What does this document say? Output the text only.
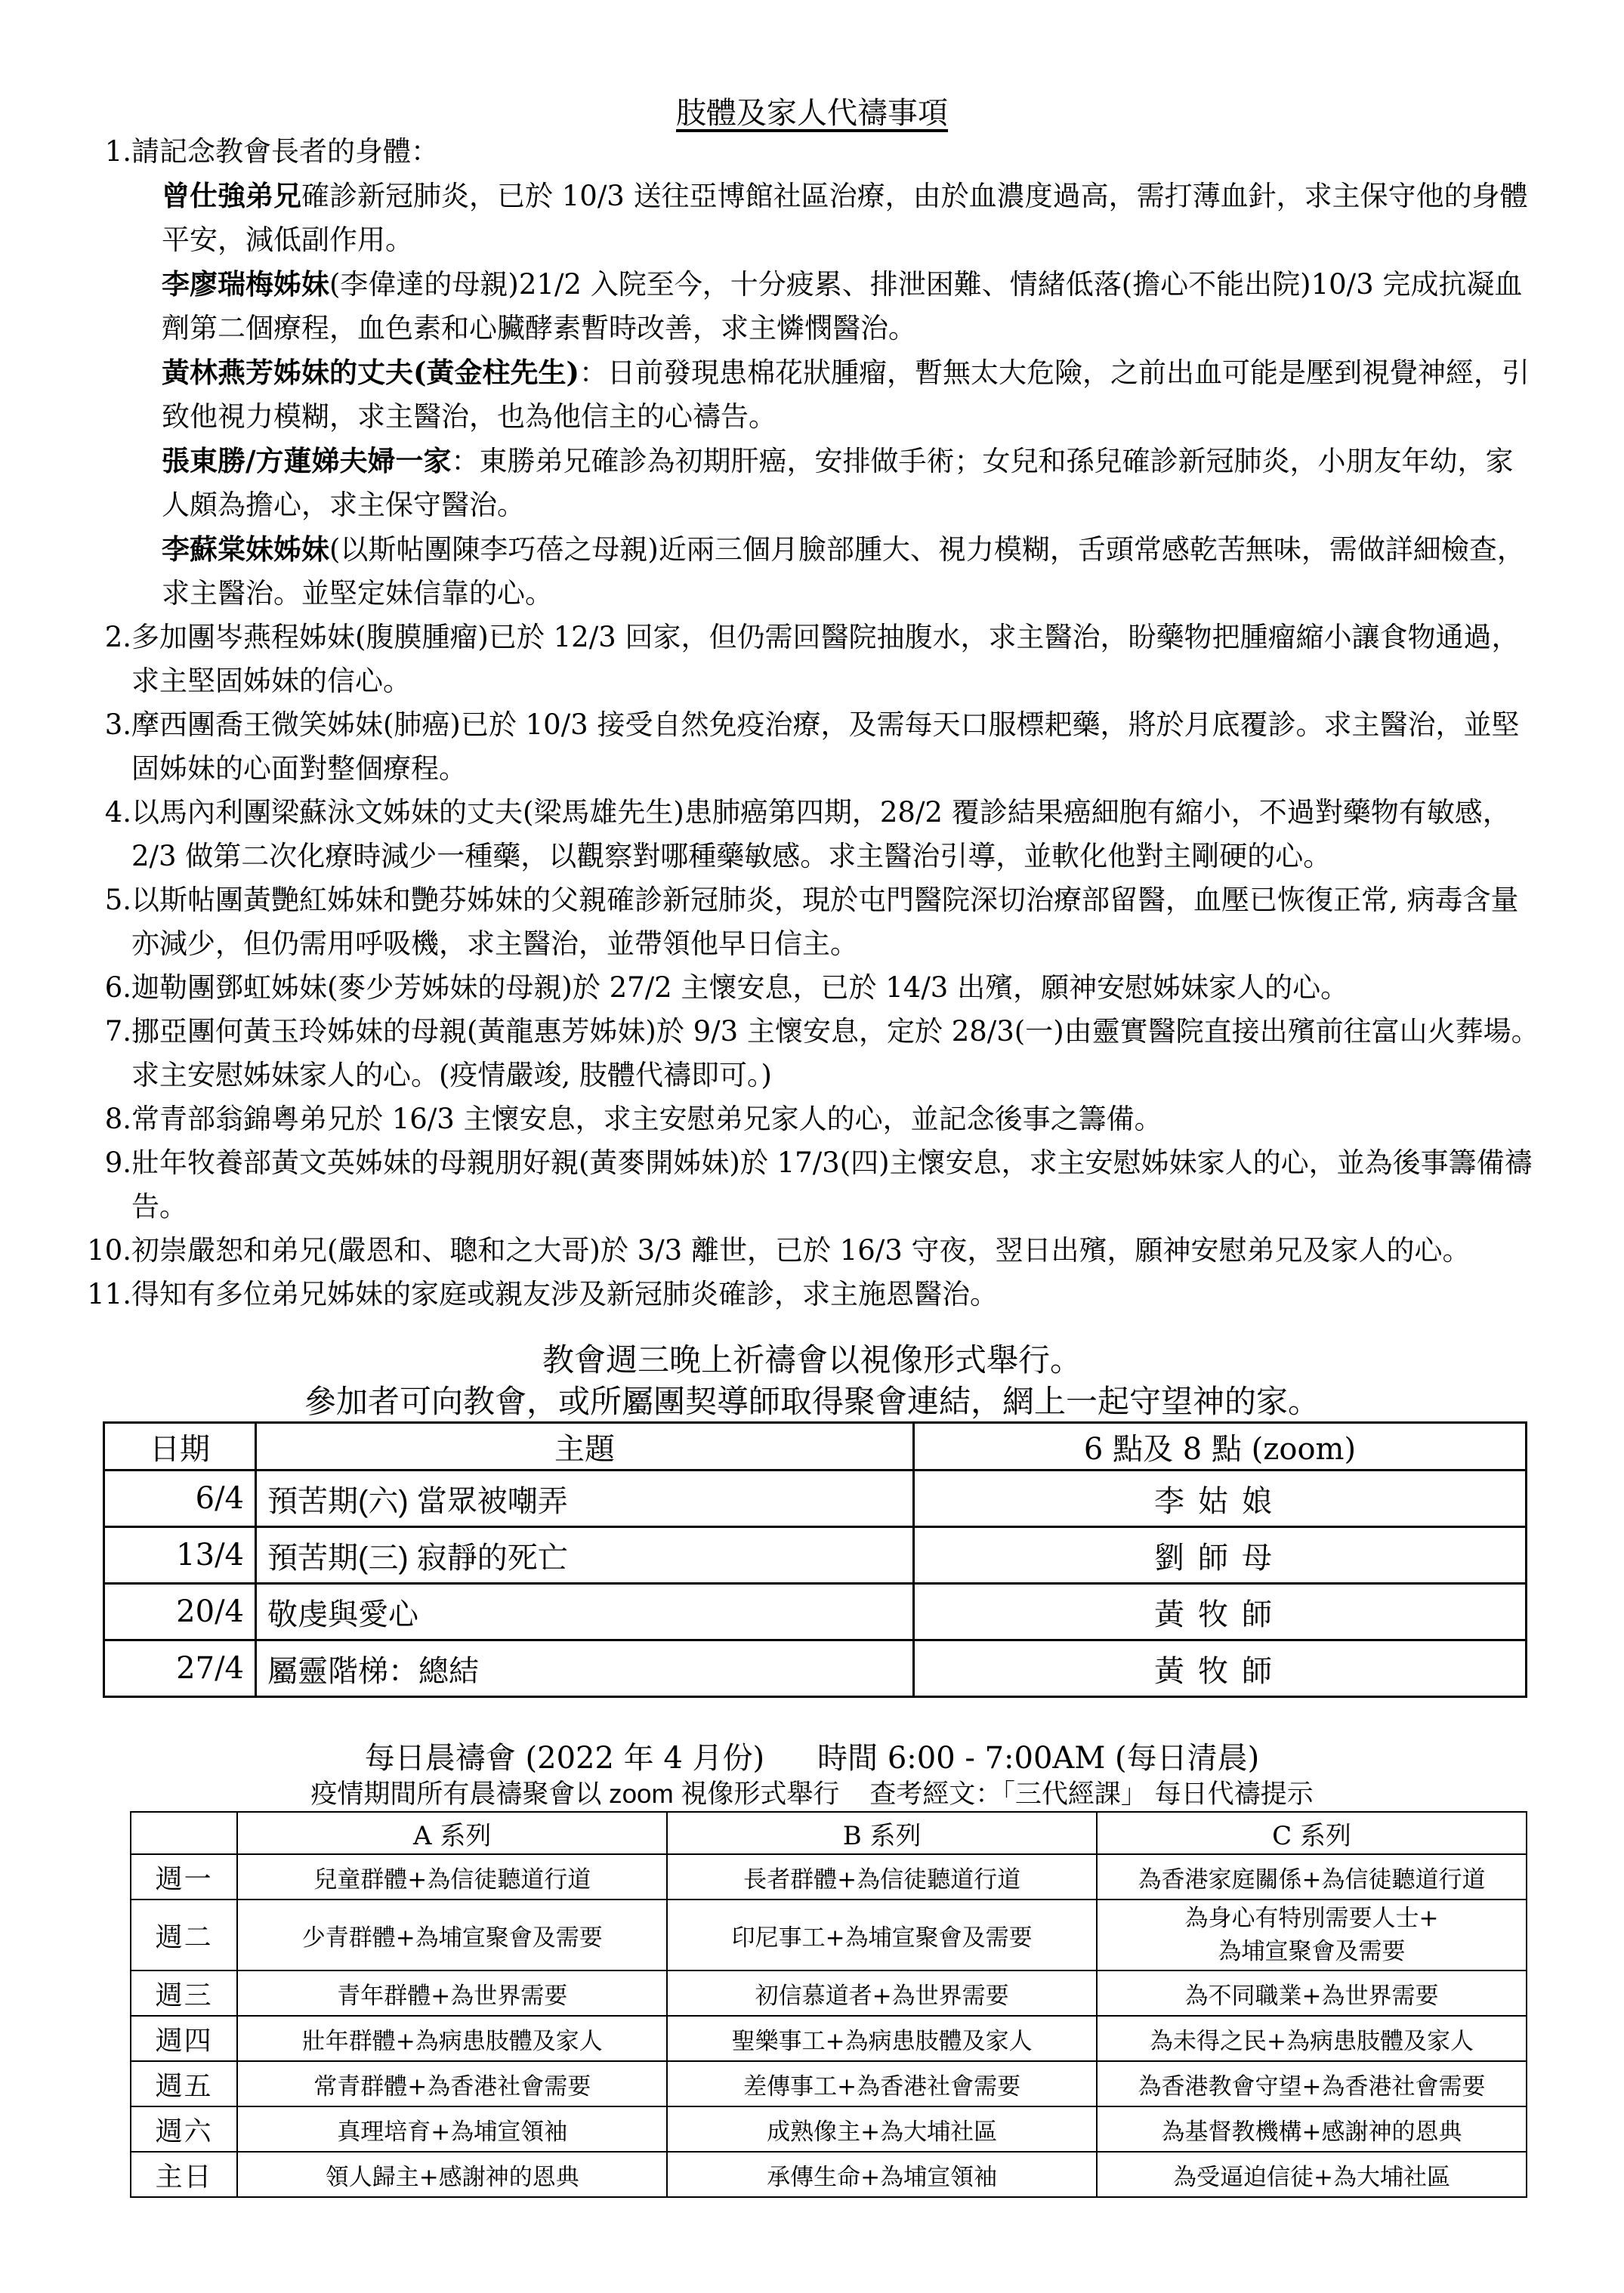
肢體及家人代禱事項
1. 請記念教會長者的身體：
曾仕強弟兄確診新冠肺炎，已於 10/3 送往亞博館社區治療，由於血濃度過高，需打薄血針，求主保守他的身體平安，減低副作用。
李廖瑞梅姊妹(李偉達的母親)21/2 入院至今，十分疲累、排泄困難、情緒低落(擔心不能出院)10/3 完成抗凝血劑第二個療程，血色素和心臟酵素暫時改善，求主憐憫醫治。
黃林燕芳姊妹的丈夫(黃金柱先生)：日前發現患棉花狀腫瘤，暫無太大危險，之前出血可能是壓到視覺神經，引致他視力模糊，求主醫治，也為他信主的心禱告。
張東勝/方蓮娣夫婦一家：東勝弟兄確診為初期肝癌，安排做手術；女兒和孫兒確診新冠肺炎，小朋友年幼，家人頗為擔心，求主保守醫治。
李蘇棠妹姊妹(以斯帖團陳李巧蓓之母親)近兩三個月臉部腫大、視力模糊，舌頭常感乾苦無味，需做詳細檢查，求主醫治。並堅定妹信靠的心。
2. 多加團岑燕程姊妹(腹膜腫瘤)已於 12/3 回家，但仍需回醫院抽腹水，求主醫治，盼藥物把腫瘤縮小讓食物通過，求主堅固姊妹的信心。
3. 摩西團喬王微笑姊妹(肺癌)已於 10/3 接受自然免疫治療，及需每天口服標耙藥，將於月底覆診。求主醫治，並堅固姊妹的心面對整個療程。
4. 以馬內利團梁蘇泳文姊妹的丈夫(梁馬雄先生)患肺癌第四期，28/2 覆診結果癌細胞有縮小，不過對藥物有敏感，2/3 做第二次化療時減少一種藥，以觀察對哪種藥敏感。求主醫治引導，並軟化他對主剛硬的心。
5. 以斯帖團黃艷紅姊妹和艷芬姊妹的父親確診新冠肺炎，現於屯門醫院深切治療部留醫，血壓已恢復正常, 病毒含量亦減少，但仍需用呼吸機，求主醫治，並帶領他早日信主。
6. 迦勒團鄧虹姊妹(麥少芳姊妹的母親)於 27/2 主懷安息，已於 14/3 出殯，願神安慰姊妹家人的心。
7. 挪亞團何黃玉玲姊妹的母親(黃龍惠芳姊妹)於 9/3 主懷安息，定於 28/3(一)由靈實醫院直接出殯前往富山火葬場。求主安慰姊妹家人的心。(疫情嚴竣, 肢體代禱即可。)
8. 常青部翁錦粵弟兄於 16/3 主懷安息，求主安慰弟兄家人的心，並記念後事之籌備。
9. 壯年牧養部黃文英姊妹的母親朋好親(黃麥開姊妹)於 17/3(四)主懷安息，求主安慰姊妹家人的心，並為後事籌備禱告。
10. 初崇嚴恕和弟兄(嚴恩和、聰和之大哥)於 3/3 離世，已於 16/3 守夜，翌日出殯，願神安慰弟兄及家人的心。
11. 得知有多位弟兄姊妹的家庭或親友涉及新冠肺炎確診，求主施恩醫治。
教會週三晚上祈禱會以視像形式舉行。
參加者可向教會，或所屬團契導師取得聚會連結，網上一起守望神的家。
日期	主題	6 點及 8 點 (zoom)
6/4	預苦期(六) 當眾被嘲弄	李姑娘
13/4	預苦期(三) 寂靜的死亡	劉師母
20/4	敬虔與愛心	黃牧師
27/4	屬靈階梯：總結	黃牧師
每日晨禱會 (2022 年 4 月份) 時間 6:00 - 7:00AM (每日清晨)
疫情期間所有晨禱聚會以 zoom 視像形式舉行 查考經文：「三代經課」 每日代禱提示
	A 系列	B 系列	C 系列
週一	兒童群體+為信徒聽道行道	長者群體+為信徒聽道行道	為香港家庭關係+為信徒聽道行道
週二	少青群體+為埔宣聚會及需要	印尼事工+為埔宣聚會及需要	為身心有特別需要人士+
為埔宣聚會及需要
週三	青年群體+為世界需要	初信慕道者+為世界需要	為不同職業+為世界需要
週四	壯年群體+為病患肢體及家人	聖樂事工+為病患肢體及家人	為未得之民+為病患肢體及家人
週五	常青群體+為香港社會需要	差傳事工+為香港社會需要	為香港教會守望+為香港社會需要
週六	真理培育+為埔宣領袖	成熟像主+為大埔社區	為基督教機構+感謝神的恩典
主日	領人歸主+感謝神的恩典	承傳生命+為埔宣領袖	為受逼迫信徒+為大埔社區
